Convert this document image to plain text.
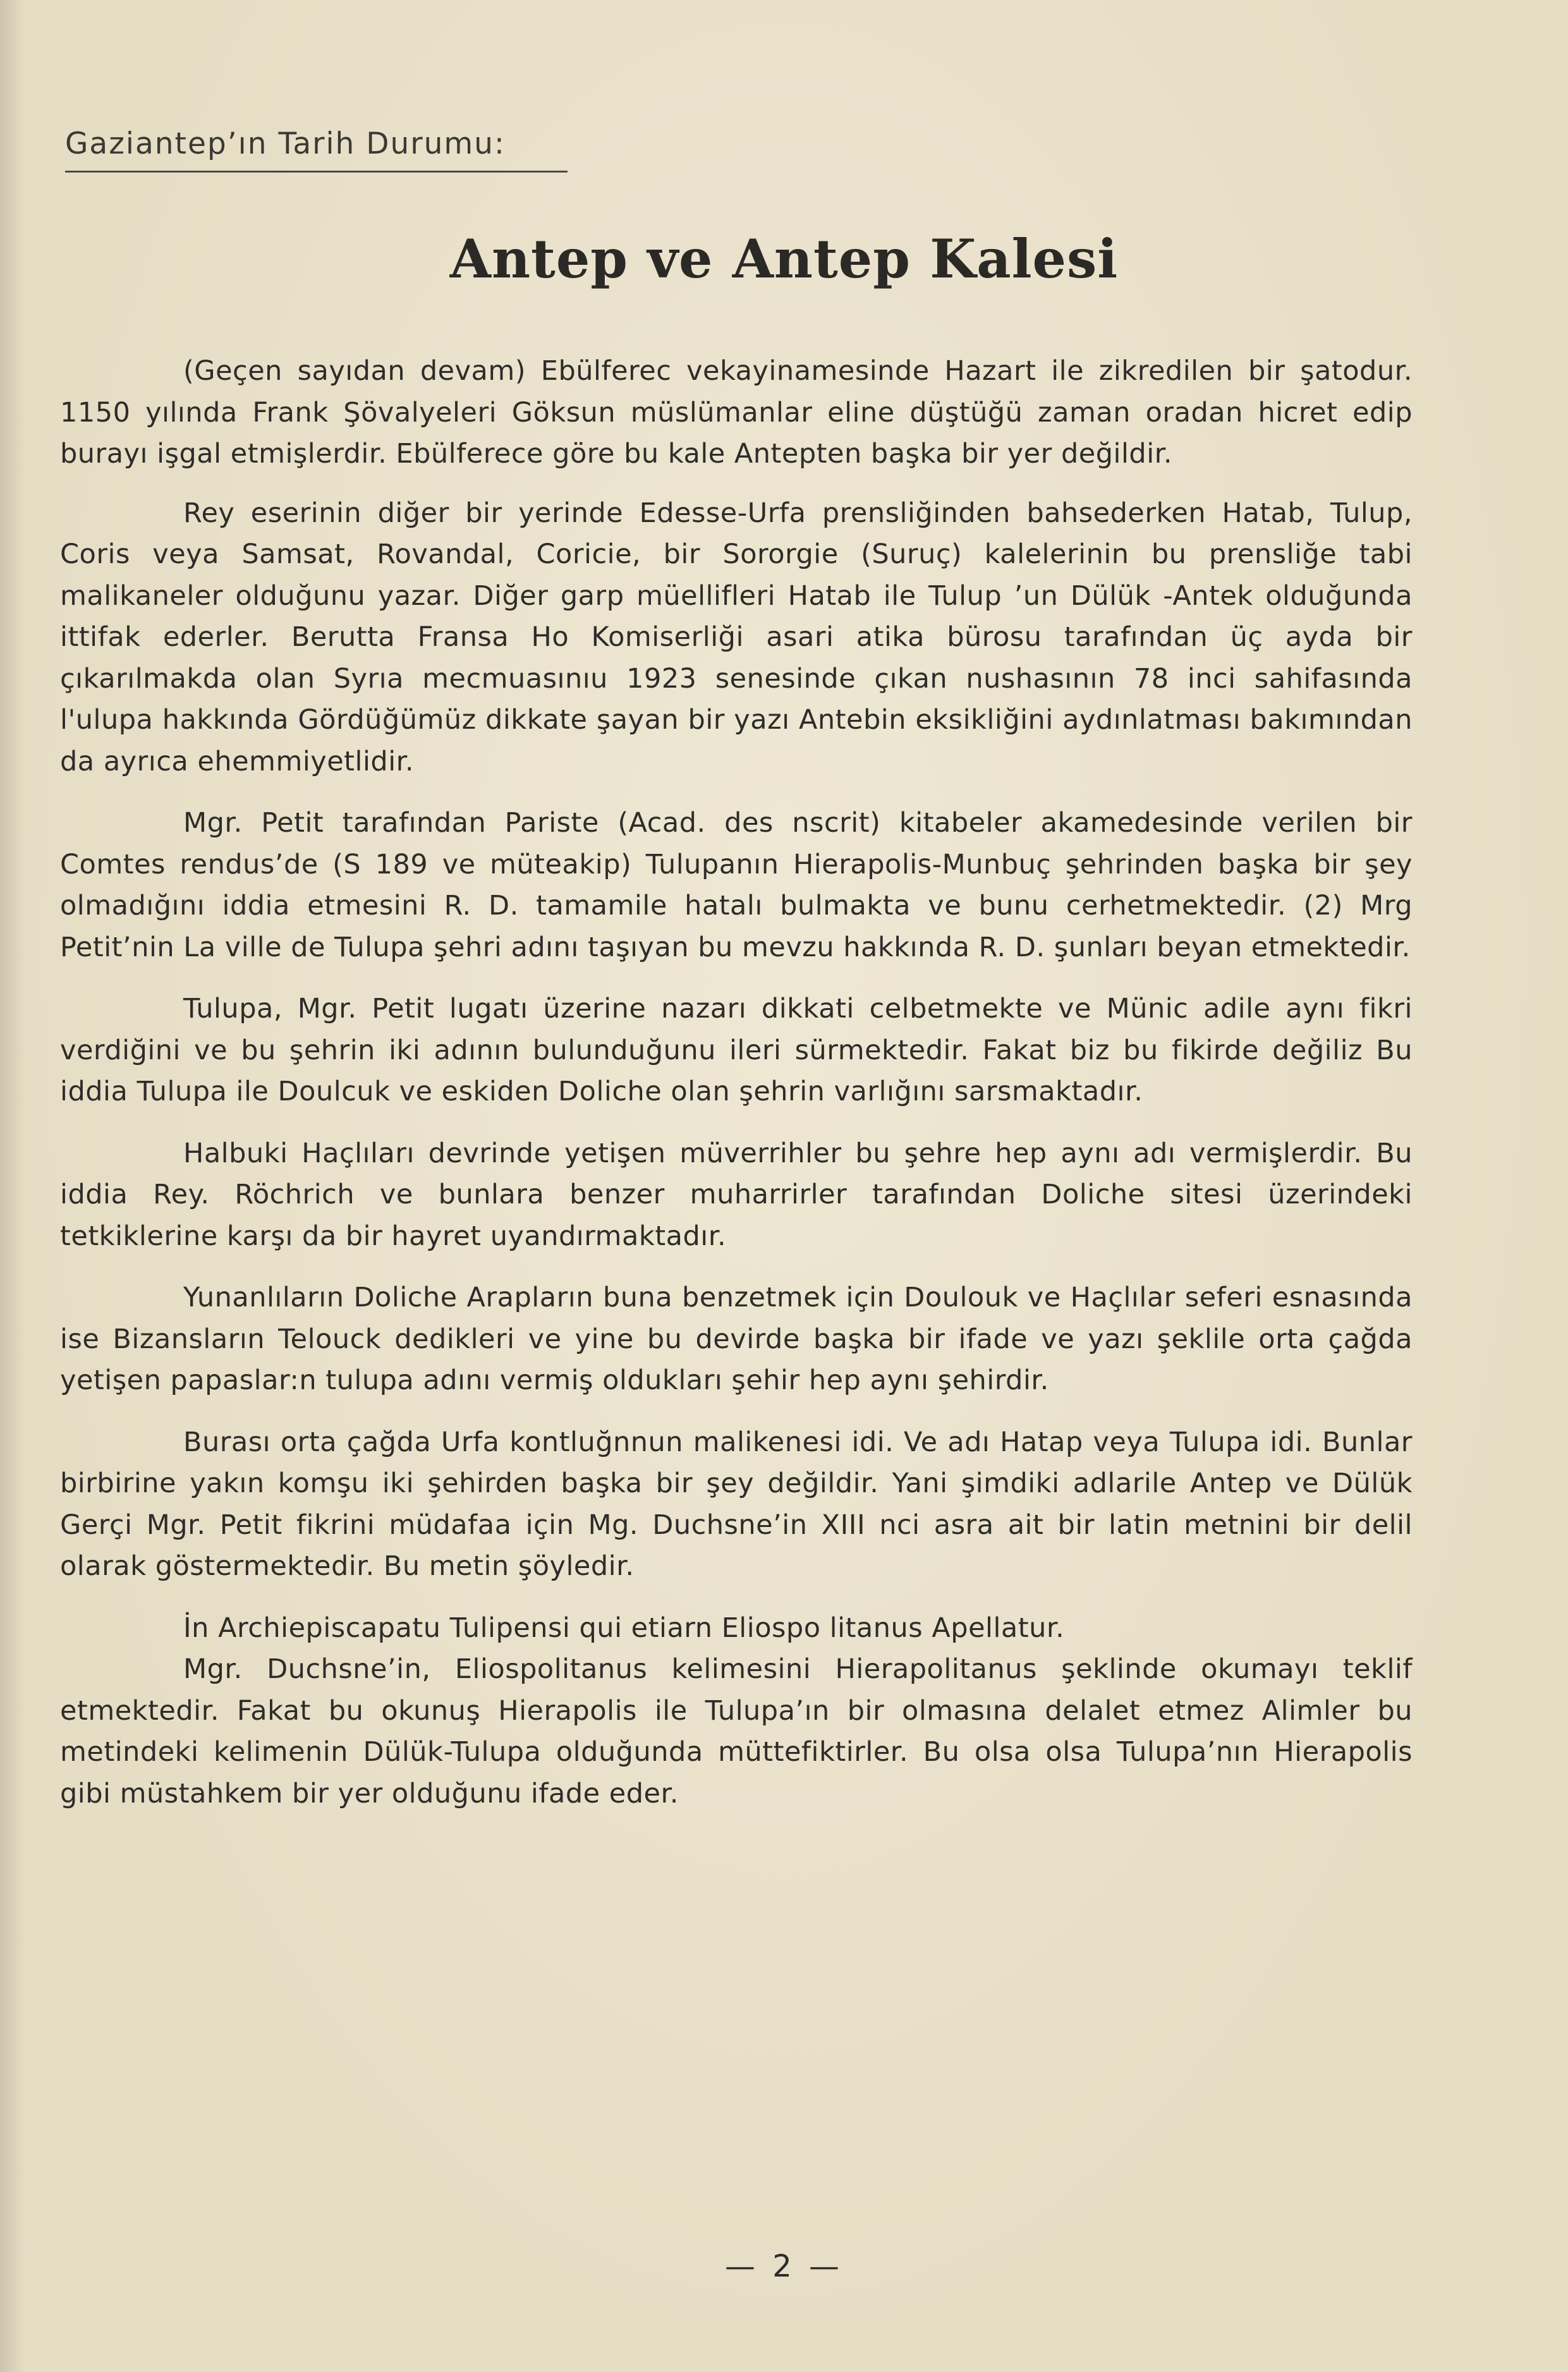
Gaziantep’ın Tarih Durumu:
Antep ve Antep Kalesi

(Geçen sayıdan devam) Ebülferec vekayinamesinde Hazart ile zikredilen bir şatodur. 1150 yılında Frank Şövalyeleri Göksun müslümanlar eline düştüğü zaman oradan hicret edip burayı işgal etmişlerdir. Ebülferece göre bu kale Antepten başka bir yer değildir.

Rey eserinin diğer bir yerinde Edesse-Urfa prensliğinden bahsederken Hatab, Tulup, Coris veya Samsat, Rovandal, Coricie, bir Sororgie (Suruç) kalelerinin bu prensliğe tabi malikaneler olduğunu yazar. Diğer garp müellifleri Hatab ile Tulup ’un Dülük -Antek olduğunda ittifak ederler. Berutta Fransa Ho Komiserliği asari atika bürosu tarafından üç ayda bir çıkarılmakda olan Syrıa mecmuasınıu 1923 senesinde çıkan nushasının 78 inci sahifasında l'ulupa hakkında Gördüğümüz dikkate şayan bir yazı Antebin eksikliğini aydınlatması bakımından da ayrıca ehemmiyetlidir.

Mgr. Petit tarafından Pariste (Acad. des nscrit) kitabeler akamedesinde verilen bir Comtes rendus’de (S 189 ve müteakip) Tulupanın Hierapolis-Munbuç şehrinden başka bir şey olmadığını iddia etmesini R. D. tamamile hatalı bulmakta ve bunu cerhetmektedir. (2) Mrg Petit’nin La ville de Tulupa şehri adını taşıyan bu mevzu hakkında R. D. şunları beyan etmektedir.

Tulupa, Mgr. Petit lugatı üzerine nazarı dikkati celbetmekte ve Münic adile aynı fikri verdiğini ve bu şehrin iki adının bulunduğunu ileri sürmektedir. Fakat biz bu fikirde değiliz Bu iddia Tulupa ile Doulcuk ve eskiden Doliche olan şehrin varlığını sarsmaktadır.

Halbuki Haçlıları devrinde yetişen müverrihler bu şehre hep aynı adı vermişlerdir. Bu iddia Rey. Röchrich ve bunlara benzer muharrirler tarafından Doliche sitesi üzerindeki tetkiklerine karşı da bir hayret uyandırmaktadır.

Yunanlıların Doliche Arapların buna benzetmek için Doulouk ve Haçlılar seferi esnasında ise Bizansların Telouck dedikleri ve yine bu devirde başka bir ifade ve yazı şeklile orta çağda yetişen papaslar:n tulupa adını vermiş oldukları şehir hep aynı şehirdir.

Burası orta çağda Urfa kontluğnnun malikenesi idi. Ve adı Hatap veya Tulupa idi. Bunlar birbirine yakın komşu iki şehirden başka bir şey değildir. Yani şimdiki adlarile Antep ve Dülük Gerçi Mgr. Petit fikrini müdafaa için Mg. Duchsne’in XIII nci asra ait bir latin metnini bir delil olarak göstermektedir. Bu metin şöyledir.

İn Archiepiscapatu Tulipensi qui etiarn Eliospo litanus Apellatur.

Mgr. Duchsne’in, Eliospolitanus kelimesini Hierapolitanus şeklinde okumayı teklif etmektedir. Fakat bu okunuş Hierapolis ile Tulupa’ın bir olmasına delalet etmez Alimler bu metindeki kelimenin Dülük-Tulupa olduğunda müttefiktirler. Bu olsa olsa Tulupa’nın Hierapolis gibi müstahkem bir yer olduğunu ifade eder.

— 2 —
